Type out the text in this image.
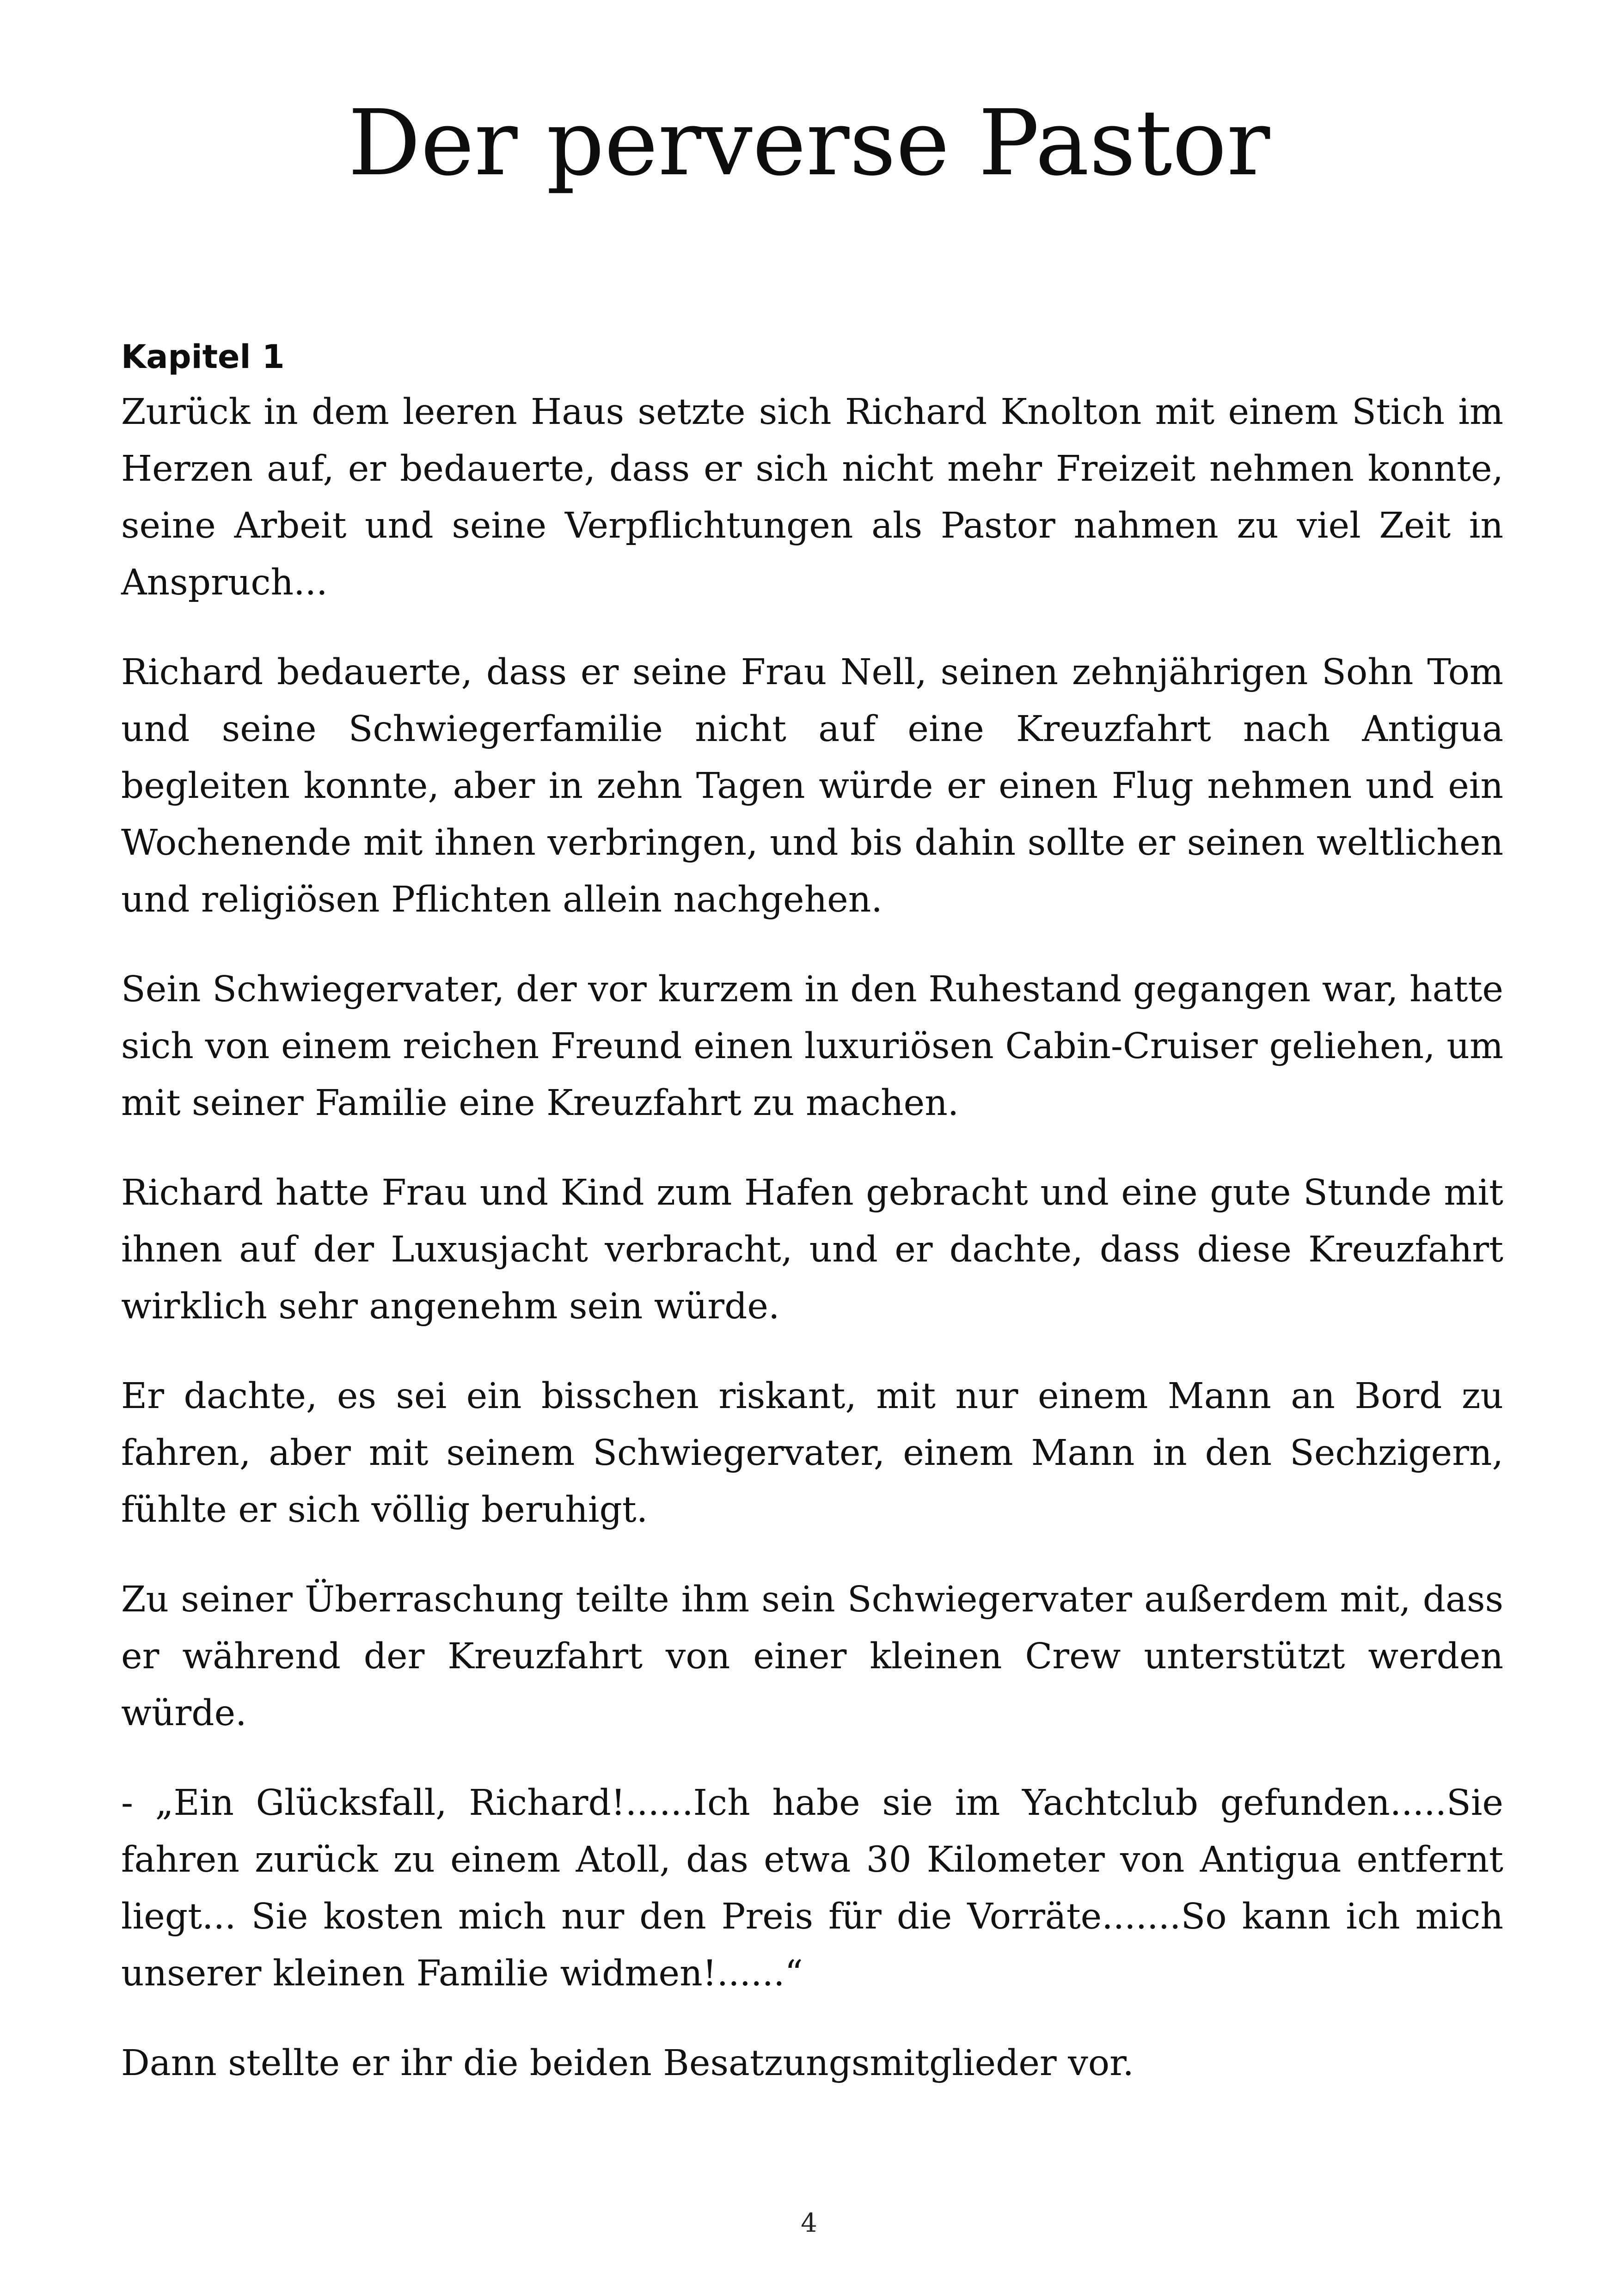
Der perverse Pastor
Kapitel 1

Zurück in dem leeren Haus setzte sich Richard Knolton mit einem Stich im Herzen auf, er bedauerte, dass er sich nicht mehr Freizeit nehmen konnte, seine Arbeit und seine Verpflichtungen als Pastor nahmen zu viel Zeit in Anspruch...

Richard bedauerte, dass er seine Frau Nell, seinen zehnjährigen Sohn Tom und seine Schwiegerfamilie nicht auf eine Kreuzfahrt nach Antigua begleiten konnte, aber in zehn Tagen würde er einen Flug nehmen und ein Wochenende mit ihnen verbringen, und bis dahin sollte er seinen weltlichen und religiösen Pflichten allein nachgehen.

Sein Schwiegervater, der vor kurzem in den Ruhestand gegangen war, hatte sich von einem reichen Freund einen luxuriösen Cabin-Cruiser geliehen, um mit seiner Familie eine Kreuzfahrt zu machen.

Richard hatte Frau und Kind zum Hafen gebracht und eine gute Stunde mit ihnen auf der Luxusjacht verbracht, und er dachte, dass diese Kreuzfahrt wirklich sehr angenehm sein würde.

Er dachte, es sei ein bisschen riskant, mit nur einem Mann an Bord zu fahren, aber mit seinem Schwiegervater, einem Mann in den Sechzigern, fühlte er sich völlig beruhigt.

Zu seiner Überraschung teilte ihm sein Schwiegervater außerdem mit, dass er während der Kreuzfahrt von einer kleinen Crew unterstützt werden würde.

- „Ein Glücksfall, Richard!......Ich habe sie im Yachtclub gefunden.....Sie fahren zurück zu einem Atoll, das etwa 30 Kilometer von Antigua entfernt liegt... Sie kosten mich nur den Preis für die Vorräte.......So kann ich mich unserer kleinen Familie widmen!......“

Dann stellte er ihr die beiden Besatzungsmitglieder vor.

4
